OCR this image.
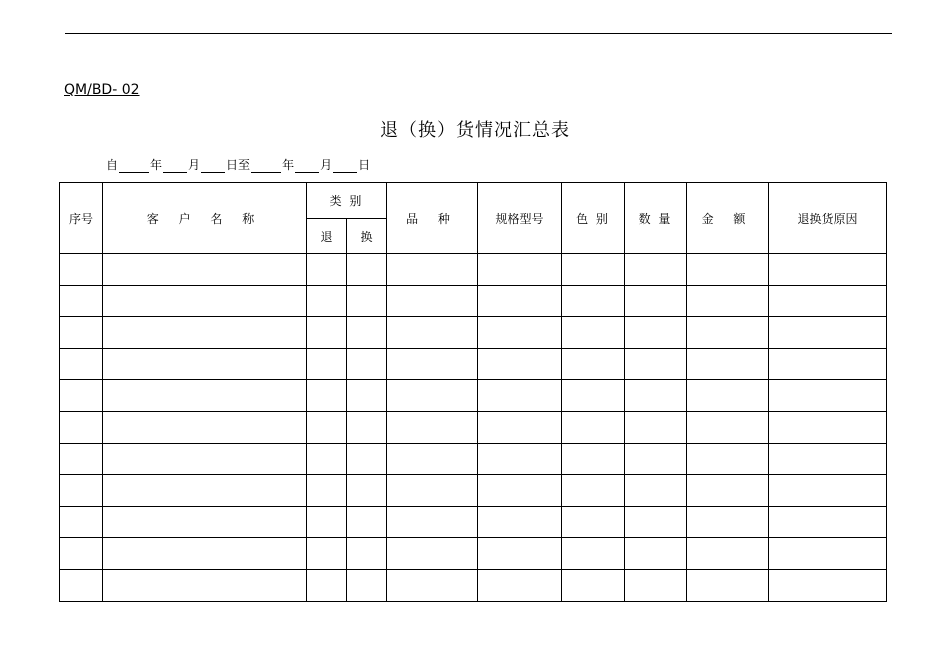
QM/BD- 02
退（换）货情况汇总表
自	年 月 日至	年 月 日
序号	客 户 名 称	类 别		品 种	规格型号	色 别	数 量	金 额	退换货原因
		退	换						
